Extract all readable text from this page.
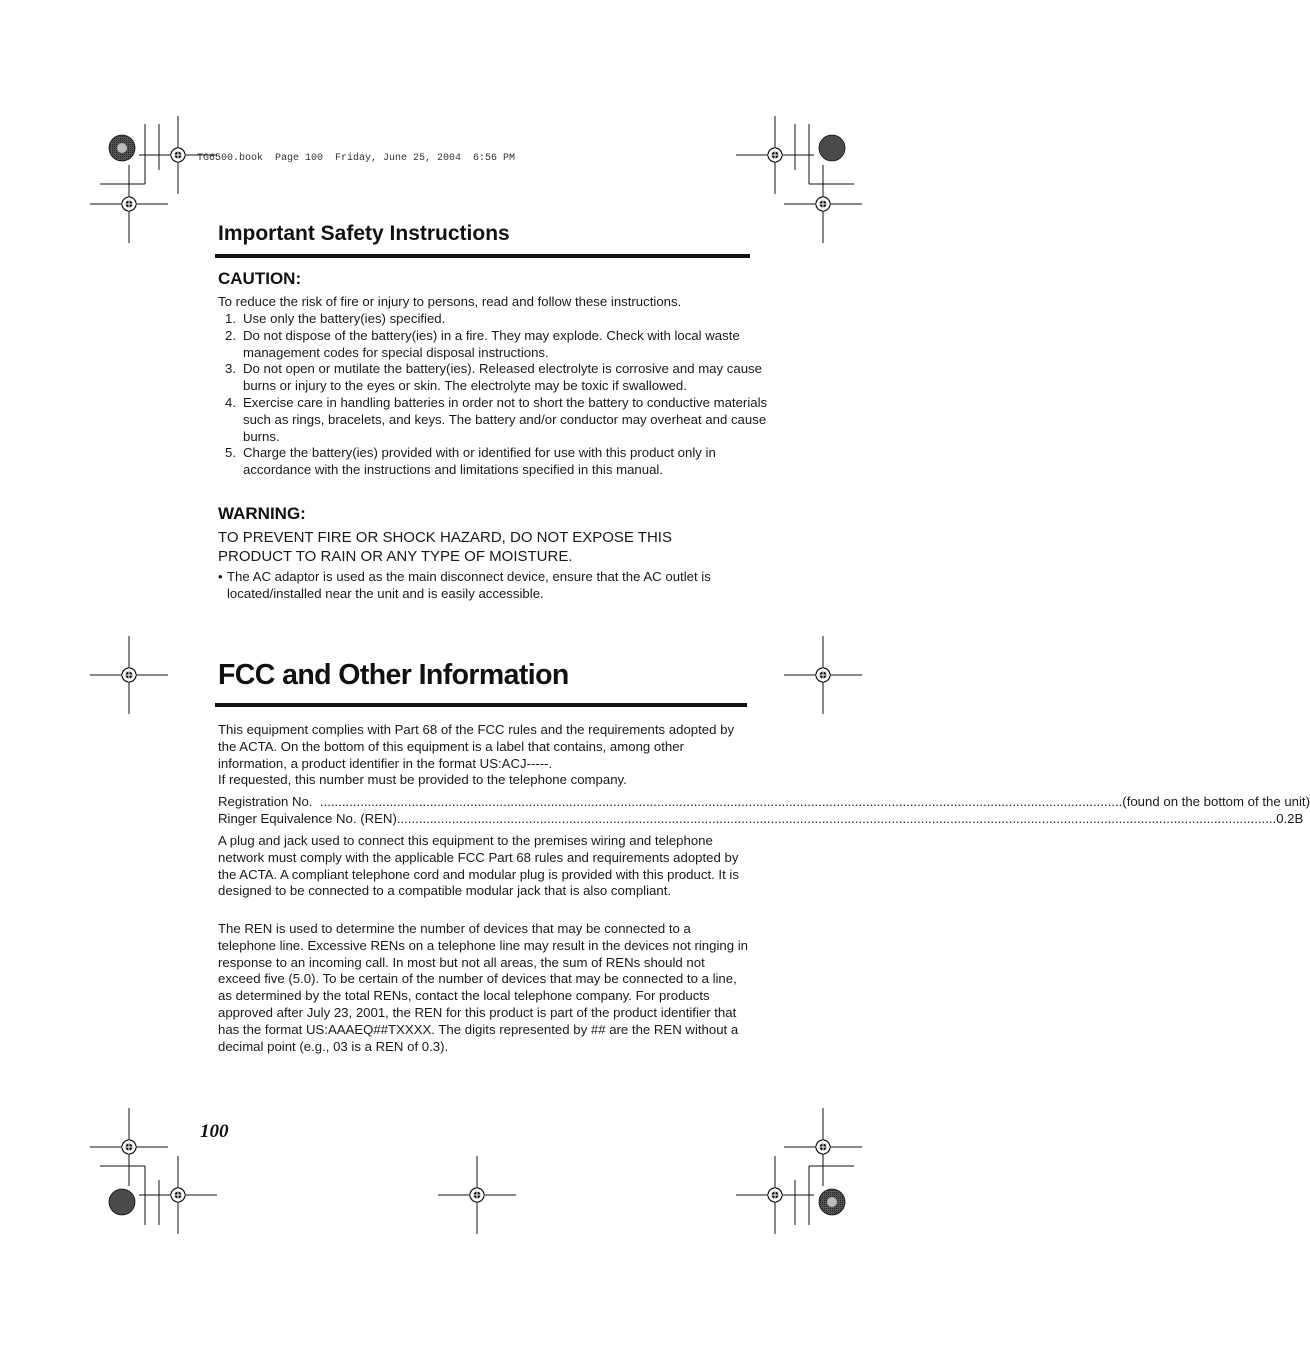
TG6500.book  Page 100  Friday, June 25, 2004  6:56 PM
Important Safety Instructions
CAUTION:
To reduce the risk of fire or injury to persons, read and follow these instructions.
1. Use only the battery(ies) specified.
2. Do not dispose of the battery(ies) in a fire. They may explode. Check with local waste management codes for special disposal instructions.
3. Do not open or mutilate the battery(ies). Released electrolyte is corrosive and may cause burns or injury to the eyes or skin. The electrolyte may be toxic if swallowed.
4. Exercise care in handling batteries in order not to short the battery to conductive materials such as rings, bracelets, and keys. The battery and/or conductor may overheat and cause burns.
5. Charge the battery(ies) provided with or identified for use with this product only in accordance with the instructions and limitations specified in this manual.
WARNING:
TO PREVENT FIRE OR SHOCK HAZARD, DO NOT EXPOSE THIS PRODUCT TO RAIN OR ANY TYPE OF MOISTURE.
• The AC adaptor is used as the main disconnect device, ensure that the AC outlet is located/installed near the unit and is easily accessible.
FCC and Other Information

This equipment complies with Part 68 of the FCC rules and the requirements adopted by the ACTA. On the bottom of this equipment is a label that contains, among other information, a product identifier in the format US:ACJ-----.

If requested, this number must be provided to the telephone company.

Registration No. ........................................................................................................................................................................................................................... (found on the bottom of the unit)
Ringer Equivalence No. (REN) ................................................................................................................................................................................................................................................ 0.2B
A plug and jack used to connect this equipment to the premises wiring and telephone network must comply with the applicable FCC Part 68 rules and requirements adopted by the ACTA. A compliant telephone cord and modular plug is provided with this product. It is designed to be connected to a compatible modular jack that is also compliant.
The REN is used to determine the number of devices that may be connected to a telephone line. Excessive RENs on a telephone line may result in the devices not ringing in response to an incoming call. In most but not all areas, the sum of RENs should not exceed five (5.0). To be certain of the number of devices that may be connected to a line, as determined by the total RENs, contact the local telephone company. For products approved after July 23, 2001, the REN for this product is part of the product identifier that has the format US:AAAEQ##TXXXX. The digits represented by ## are the REN without a decimal point (e.g., 03 is a REN of 0.3).
100
